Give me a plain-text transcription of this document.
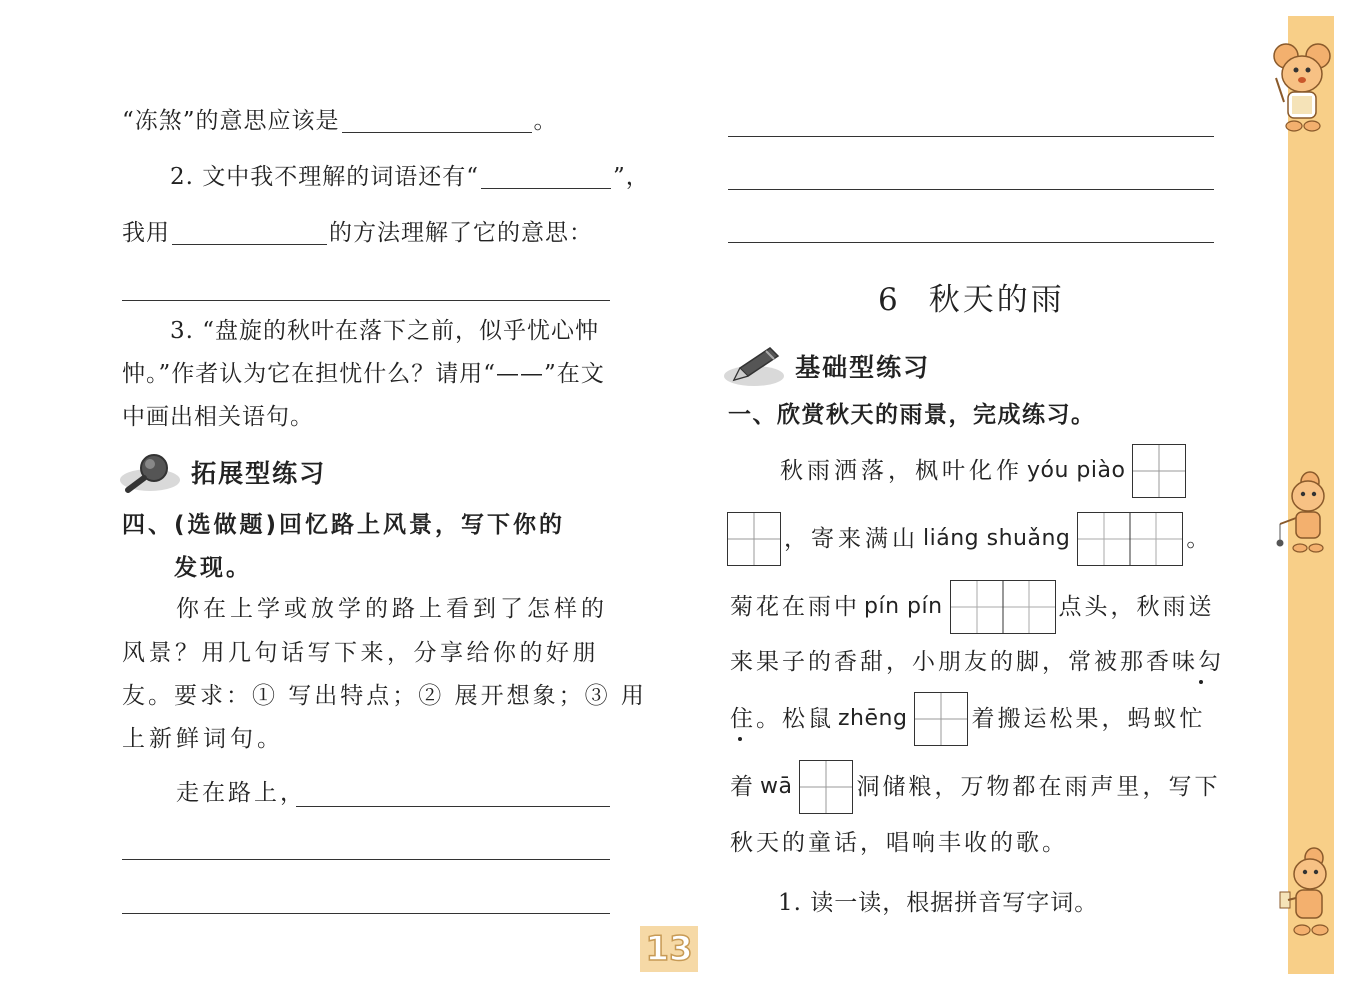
“冻煞”的意思应该是	。
2. 文中我不理解的词语还有“	”，
我用	的方法理解了它的意思：
3. “盘旋的秋叶在落下之前，似乎忧心忡
忡。”作者认为它在担忧什么？请用“——”在文
中画出相关语句。
拓展型练习
四、(选做题)回忆路上风景，写下你的
发现。
你在上学或放学的路上看到了怎样的
风景？用几句话写下来，分享给你的好朋
友。要求：① 写出特点；② 展开想象；③ 用
上新鲜词句。
走在路上，
13
6 秋天的雨
基础型练习
一、欣赏秋天的雨景，完成练习。
秋雨洒落，枫叶化作 yóu piào
，寄来满山 liáng shuǎng	。
菊花在雨中 pín pín	点头，秋雨送
来果子的香甜，小朋友的脚，常被那香味勾
住。松鼠 zhēng	着搬运松果，蚂蚁忙
着 wā	洞储粮，万物都在雨声里，写下
秋天的童话，唱响丰收的歌。
1. 读一读，根据拼音写字词。
